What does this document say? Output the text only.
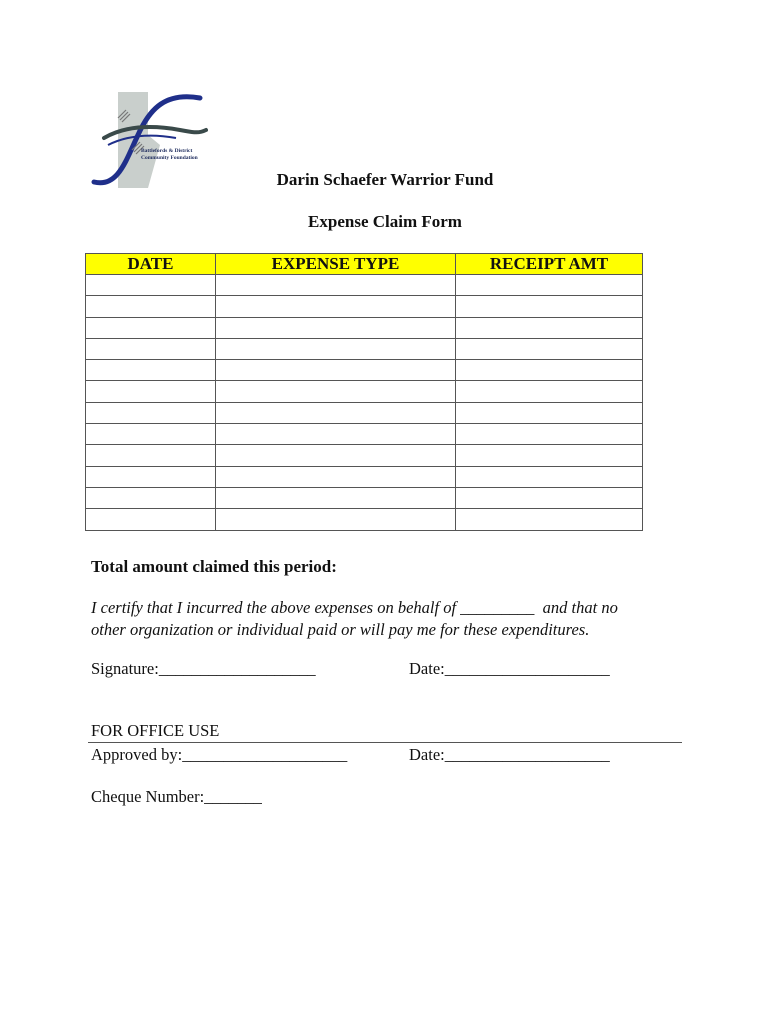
Battlefords & District
Community Foundation
Darin Schaefer Warrior Fund
Expense Claim Form
DATE	EXPENSE TYPE	RECEIPT AMT

Total amount claimed this period:
I certify that I incurred the above expenses on behalf of _________  and that no
other organization or individual paid or will pay me for these expenditures.
Signature:___________________	Date:____________________
FOR OFFICE USE
Approved by:____________________	Date:____________________
Cheque Number:_______
